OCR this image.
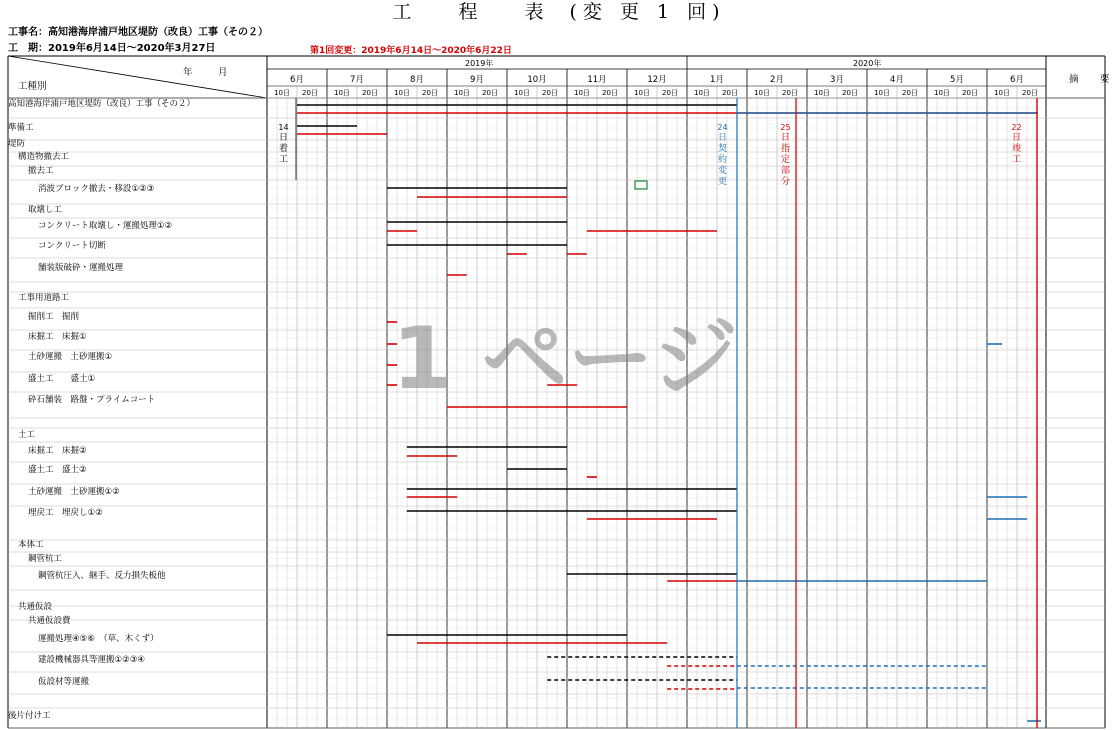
工　程　表 (変 更 1 回)
工事名：高知港海岸浦戸地区堤防（改良）工事（その２）
工　期：2019年6月14日～2020年3月27日	第1回変更：2019年6月14日～2020年6月22日
1 ページ
年　月
工種別
摘　要
高知港海岸浦戸地区堤防（改良）工事（その２）
準備工
堤防
構造物撤去工
撤去工
消波ブロック撤去・移設①②③
取壊し工
コンクリート取壊し・運搬処理①②
コンクリート切断
舗装版破砕・運搬処理
工事用道路工
掘削工　掘削
床掘工　床掘①
土砂運搬　土砂運搬①
盛土工　　盛土①
砕石舗装　路盤・プライムコート
土工
床掘工　床掘②
盛土工　盛土②
土砂運搬　土砂運搬①②
埋戻工　埋戻し①②
本体工
鋼管杭工
鋼管杭圧入、継手、反力損失板他
共通仮設
共通仮設費
運搬処理④⑤⑥　（草、木くず）
建設機械器具等運搬①②③④
仮設材等運搬
後片付け工
2019年	2020年
6月
10日 20日
7月
10日 20日
8月
10日 20日
9月
10日 20日
10月
10日 20日
11月
10日 20日
12月
10日 20日
1月
10日 20日
2月
10日 20日
3月
10日 20日
4月
10日 20日
5月
10日 20日
6月
10日 20日
14
日
着
工
24
日
契
約
変
更
25
日
指
定
部
分
22
日
竣
工
